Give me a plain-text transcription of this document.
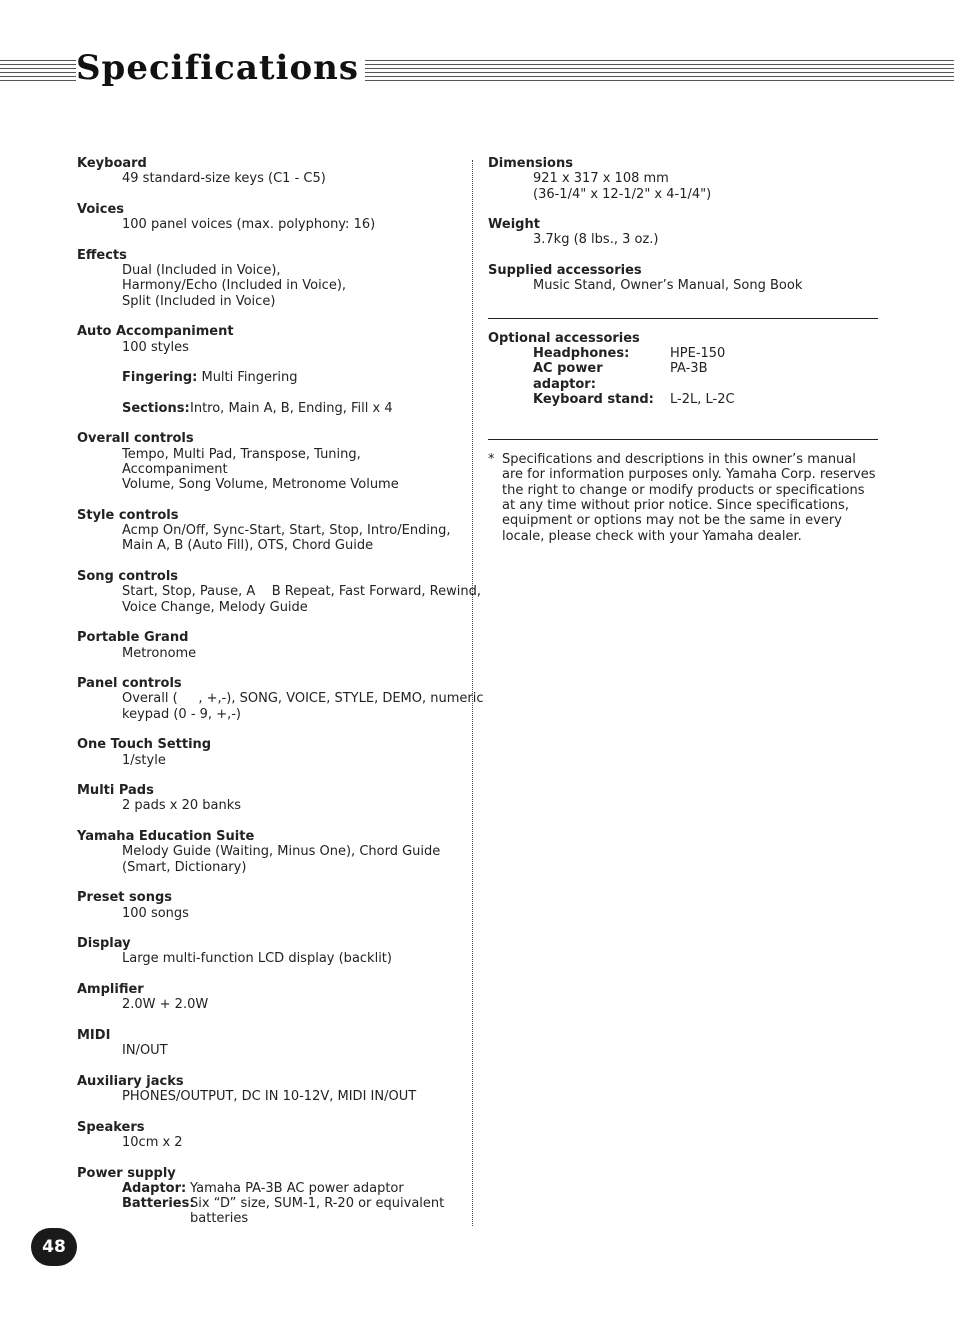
Specifications
Keyboard
49 standard-size keys (C1 - C5)
Voices
100 panel voices (max. polyphony: 16)
Effects
Dual (Included in Voice),
Harmony/Echo (Included in Voice),
Split (Included in Voice)
Auto Accompaniment
100 styles
Fingering: Multi Fingering
Sections:Intro, Main A, B, Ending, Fill x 4
Overall controls
Tempo, Multi Pad, Transpose, Tuning, Accompaniment
Volume, Song Volume, Metronome Volume
Style controls
Acmp On/Off, Sync-Start, Start, Stop, Intro/Ending,
Main A, B (Auto Fill), OTS, Chord Guide
Song controls
Start, Stop, Pause, A    B Repeat, Fast Forward, Rewind,
Voice Change, Melody Guide
Portable Grand
Metronome
Panel controls
Overall (     , +,-), SONG, VOICE, STYLE, DEMO, numeric
keypad (0 - 9, +,-)
One Touch Setting
1/style
Multi Pads
2 pads x 20 banks
Yamaha Education Suite
Melody Guide (Waiting, Minus One), Chord Guide
(Smart, Dictionary)
Preset songs
100 songs
Display
Large multi-function LCD display (backlit)
Amplifier
2.0W + 2.0W
MIDI
IN/OUT
Auxiliary jacks
PHONES/OUTPUT, DC IN 10-12V, MIDI IN/OUT
Speakers
10cm x 2
Power supply
Adaptor: Yamaha PA-3B AC power adaptor
Batteries:
Six “D” size, SUM-1, R-20 or equivalent
batteries
Dimensions
921 x 317 x 108 mm
(36-1/4" x 12-1/2" x 4-1/4")
Weight
3.7kg (8 lbs., 3 oz.)
Supplied accessories
Music Stand, Owner’s Manual, Song Book
Optional accessories
Headphones:	HPE-150
AC power adaptor:
PA-3B
Keyboard stand:	L-2L, L-2C
* Specifications and descriptions in this owner’s manual are for information purposes only. Yamaha Corp. reserves the right to change or modify products or specifications at any time without prior notice. Since specifications, equipment or options may not be the same in every locale, please check with your Yamaha dealer.
48
